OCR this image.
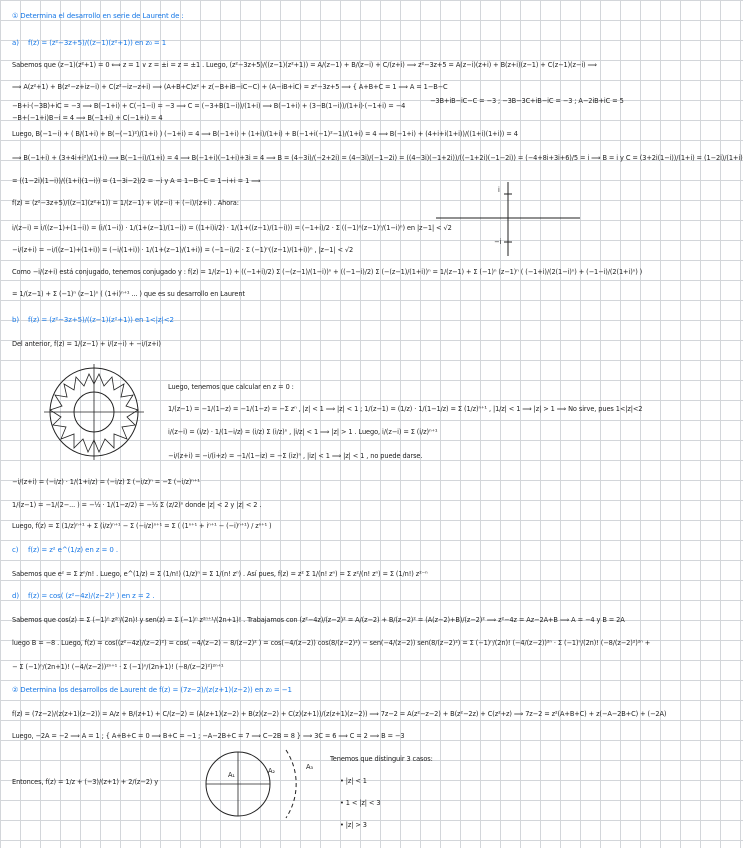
① Determina el desarrollo en serie de Laurent de :
a)	f(z) = (z²−3z+5)/((z−1)(z²+1)) en z₀ = 1
Sabemos que (z−1)(z²+1) = 0 ⟺ z = 1 ∨ z = ±i = z = ±1 . Luego, (z²−3z+5)/((z−1)(z²+1)) = A/(z−1) + B/(z−i) + C/(z+i) ⟹ z²−3z+5 = A(z−i)(z+i) + B(z+i)(z−1) + C(z−1)(z−i) ⟹
⟹ A(z²+1) + B(z²−z+iz−i) + C(z²−iz−z+i) ⟹ (A+B+C)z² + z(−B+iB−iC−C) + (A−iB+iC) = z²−3z+5 ⟹ { A+B+C = 1 ⟹ A = 1−B−C
−3B+iB−iC−C = −3 ; −3B−3C+iB−iC = −3 ; A−2iB+iC = 5
−B+i·(−3B)+iC = −3 ⟹ B(−1+i) + C(−1−i) = −3 ⟹ C = (−3+B(1−i))/(1+i) ⟹ B(−1+i) + (3−B(1−i))/(1+i)·(−1+i) = −4
−B+(−1+i)B−i = 4 ⟹ B(−1+i) + C(−1+i) = 4
Luego, B(−1−i) + ( B/(1+i) + B(−(−1)²)/(1+i) ) (−1+i) = 4 ⟹ B(−1+i) + (1+i)/(1+i) + B(−1+i(−1)²−1)/(1+i) = 4 ⟹ B(−1+i) + (4+i+i(1+i))/((1+i)(1+i)) = 4
⟹ B(−1+i) + (3+4i+i²)/(1+i) ⟹ B(−1−i)/(1+i) = 4 ⟹ B(−1+i)(−1+i)+3i = 4 ⟹ B = (4−3i)/(−2+2i) = (4−3i)/(−1−2i) = ((4−3i)(−1+2i))/((−1+2i)(−1−2i)) = (−4+8i+3i+6)/5 = i ⟹ B = i y C = (3+2i(1−i))/(1+i) = (1−2i)/(1+i)
= ((1−2i)(1−i))/((1+i)(1−i)) = (1−3i−2)/2 = −i y A = 1−B−C = 1−i+i = 1 ⟹
f(z) = (z²−3z+5)/((z−1)(z²+1)) = 1/(z−1) + i/(z−i) + (−i)/(z+i) . Ahora:
i/(z−i) = i/((z−1)+(1−i)) = (i/(1−i)) · 1/(1+(z−1)/(1−i)) = ((1+i)i/2) · 1/(1+((z−1)/(1−i))) = (−1+i)/2 · Σ ((−1)ⁿ(z−1)ⁿ/(1−i)ⁿ) en |z−1| < √2
−i/(z+i) = −i/((z−1)+(1+i)) = (−i/(1+i)) · 1/(1+(z−1)/(1+i)) = (−1−i)/2 · Σ (−1)ⁿ((z−1)/(1+i))ⁿ , |z−1| < √2
Como −i/(z+i) está conjugado, tenemos conjugado y : f(z) = 1/(z−1) + ((−1+i)/2) Σ (−(z−1)/(1−i))ⁿ + ((−1−i)/2) Σ (−(z−1)/(1+i))ⁿ = 1/(z−1) + Σ (−1)ⁿ (z−1)ⁿ ( (−1+i)/(2(1−i)ⁿ) + (−1−i)/(2(1+i)ⁿ) )
= 1/(z−1) + Σ (−1)ⁿ (z−1)ⁿ ( (1+i)ⁿ⁺¹ ... ) que es su desarrollo en Laurent
i
−i
b)	f(z) = (z²−3z+5)/((z−1)(z²+1)) en 1<|z|<2
Del anterior, f(z) = 1/(z−1) + i/(z−i) + −i/(z+i)
Luego, tenemos que calcular en z = 0 :
1/(z−1) = −1/(1−z) = −1/(1−z) = −Σ zⁿ , |z| < 1 ⟹ |z| < 1 ; 1/(z−1) = (1/z) · 1/(1−1/z) = Σ (1/z)ⁿ⁺¹ , |1/z| < 1 ⟹ |z| > 1 ⟹ No sirve, pues 1<|z|<2
i/(z−i) = (i/z) · 1/(1−i/z) = (i/z) Σ (i/z)ⁿ , |i/z| < 1 ⟹ |z| > 1 . Luego, i/(z−i) = Σ (i/z)ⁿ⁺¹
−i/(z+i) = −i/(i+z) = −1/(1−iz) = −Σ (iz)ⁿ , |iz| < 1 ⟹ |z| < 1 , no puede darse.
−i/(z+i) = (−i/z) · 1/(1+i/z) = (−i/z) Σ (−i/z)ⁿ = −Σ (−i/z)ⁿ⁺¹
1/(z−1) = −1/(2−... ) = −½ · 1/(1−z/2) = −½ Σ (z/2)ⁿ donde |z| < 2 y |z| < 2 .
Luego, f(z) = Σ (1/z)ⁿ⁺¹ + Σ (i/z)ⁿ⁺¹ − Σ (−i/z)ⁿ⁺¹ = Σ ( (1ⁿ⁺¹ + iⁿ⁺¹ − (−i)ⁿ⁺¹) / zⁿ⁺¹ )
c)	f(z) = z² e^(1/z) en z = 0 .
Sabemos que eᶻ = Σ zⁿ/n! . Luego, e^(1/z) = Σ (1/n!) (1/z)ⁿ = Σ 1/(n! zⁿ) . Así pues, f(z) = z² Σ 1/(n! zⁿ) = Σ z²/(n! zⁿ) = Σ (1/n!) z²⁻ⁿ
d)	f(z) = cos( (z²−4z)/(z−2)² ) en z = 2 .
Sabemos que cos(z) = Σ (−1)ⁿ z²ⁿ/(2n)! y sen(z) = Σ (−1)ⁿ z²ⁿ⁺¹/(2n+1)! . Trabajamos con (z²−4z)/(z−2)² = A/(z−2) + B/(z−2)² = (A(z−2)+B)/(z−2)² ⟹ z²−4z = Az−2A+B ⟹ A = −4 y B = 2A
luego B = −8 . Luego, f(z) = cos((z²−4z)/(z−2)²) = cos( −4/(z−2) − 8/(z−2)² ) = cos(−4/(z−2)) cos(8/(z−2)²) − sen(−4/(z−2)) sen(8/(z−2)²) = Σ (−1)ⁿ/(2n)! (−4/(z−2))²ⁿ · Σ (−1)ⁿ/(2n)! (−8/(z−2)²)²ⁿ +
− Σ (−1)ⁿ/(2n+1)! (−4/(z−2))²ⁿ⁺¹ · Σ (−1)ⁿ/(2n+1)! (−8/(z−2)²)²ⁿ⁺¹
② Determina los desarrollos de Laurent de f(z) = (7z−2)/(z(z+1)(z−2)) en z₀ = −1
f(z) = (7z−2)/(z(z+1)(z−2)) = A/z + B/(z+1) + C/(z−2) = (A(z+1)(z−2) + B(z)(z−2) + C(z)(z+1))/(z(z+1)(z−2)) ⟹ 7z−2 = A(z²−z−2) + B(z²−2z) + C(z²+z) ⟹ 7z−2 = z²(A+B+C) + z(−A−2B+C) + (−2A)
Luego, −2A = −2 ⟹ A = 1 ; { A+B+C = 0 ⟹ B+C = −1 ; −A−2B+C = 7 ⟹ C−2B = 8 } ⟹ 3C = 6 ⟹ C = 2 ⟹ B = −3
A₁	A₂	A₃
Entonces, f(z) = 1/z + (−3)/(z+1) + 2/(z−2) y
Tenemos que distinguir 3 casos:
• |z| < 1
• 1 < |z| < 3
• |z| > 3
